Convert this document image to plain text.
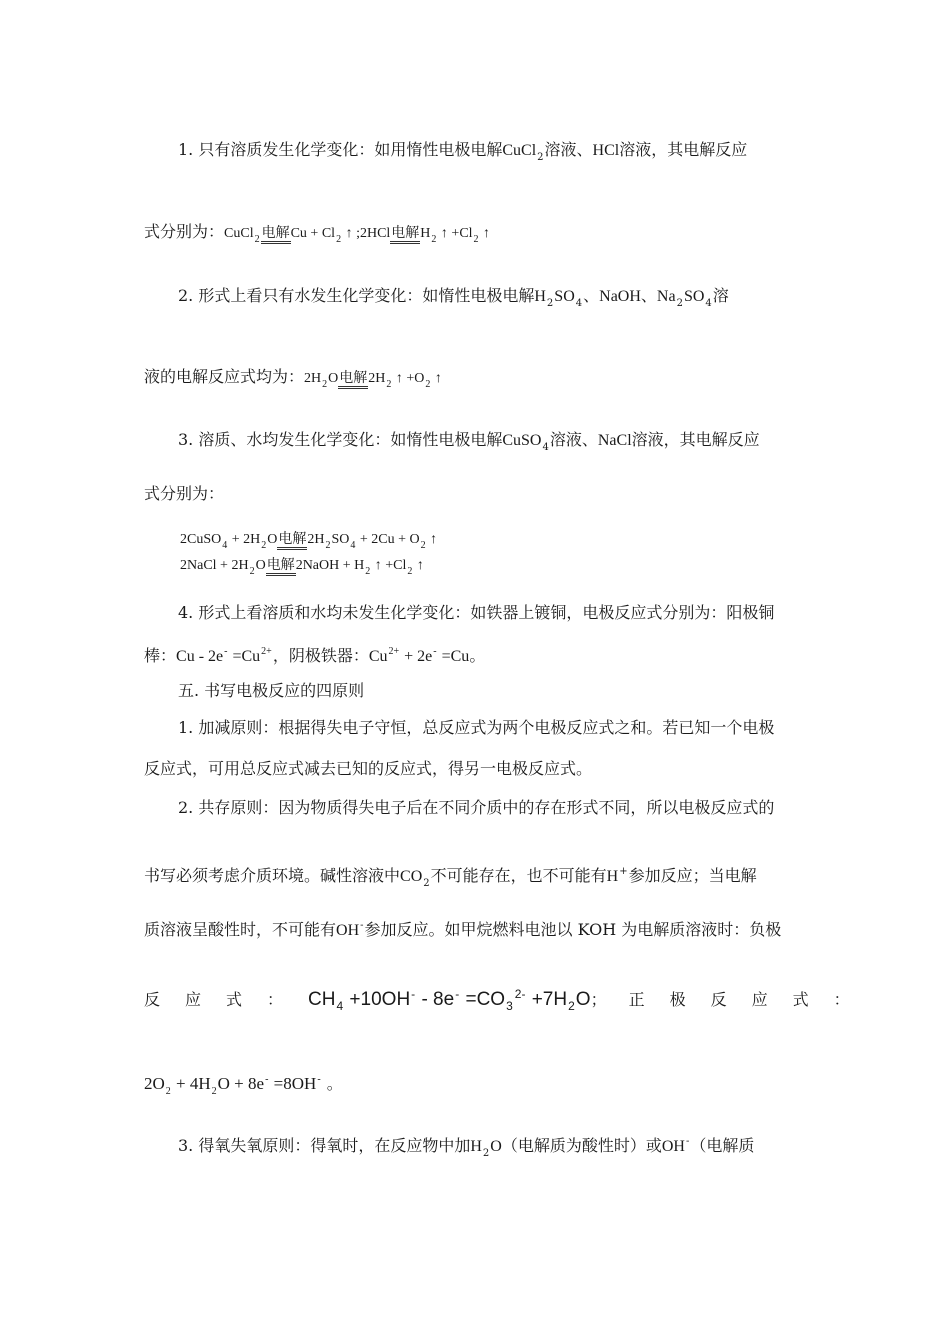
1. 只有溶质发生化学变化：如用惰性电极电解CuCl$_2$溶液、HCl溶液，其电解反应
式分别为：CuCl$_2$ 电解$Cu + Cl_2$ ↑ ;2HCl电解$H_2$ ↑ $+Cl_2$ ↑
2. 形式上看只有水发生化学变化：如惰性电极电解$H_2SO_4$、NaOH、$Na_2SO_4$溶
液的电解反应式均为：$2H_2O$电解$2H_2$ ↑ $+O_2$ ↑
3. 溶质、水均发生化学变化：如惰性电极电解CuSO$_4$溶液、NaCl溶液，其电解反应
式分别为：
2CuSO$_4$ + $2H_2O$电解$2H_2SO_4 + 2Cu + O_2$ ↑
2NaCl + $2H_2O$电解2NaOH + $H_2$ ↑ $+Cl_2$ ↑
4. 形式上看溶质和水均未发生化学变化：如铁器上镀铜，电极反应式分别为：阳极铜
棒：$Cu - 2e^- =Cu^{2+}$，阴极铁器：$Cu^{2+} + 2e^- =Cu$。
五. 书写电极反应的四原则
1. 加减原则：根据得失电子守恒，总反应式为两个电极反应式之和。若已知一个电极
反应式，可用总反应式减去已知的反应式，得另一电极反应式。
2. 共存原则：因为物质得失电子后在不同介质中的存在形式不同，所以电极反应式的
书写必须考虑介质环境。碱性溶液中$CO_2$不可能存在，也不可能有H+参加反应；当电解
质溶液呈酸性时，不可能有OH-参加反应。如甲烷燃料电池以 KOH 为电解质溶液时：负极
反应式：$CH_4 +10OH^- - 8e^- =CO_3^{2-} +7H_2O$； 正极反应式：
$2O_2 + 4H_2O + 8e^- =8OH^-$ 。
3. 得氧失氧原则：得氧时，在反应物中加$H_2O$（电解质为酸性时）或OH-（电解质
